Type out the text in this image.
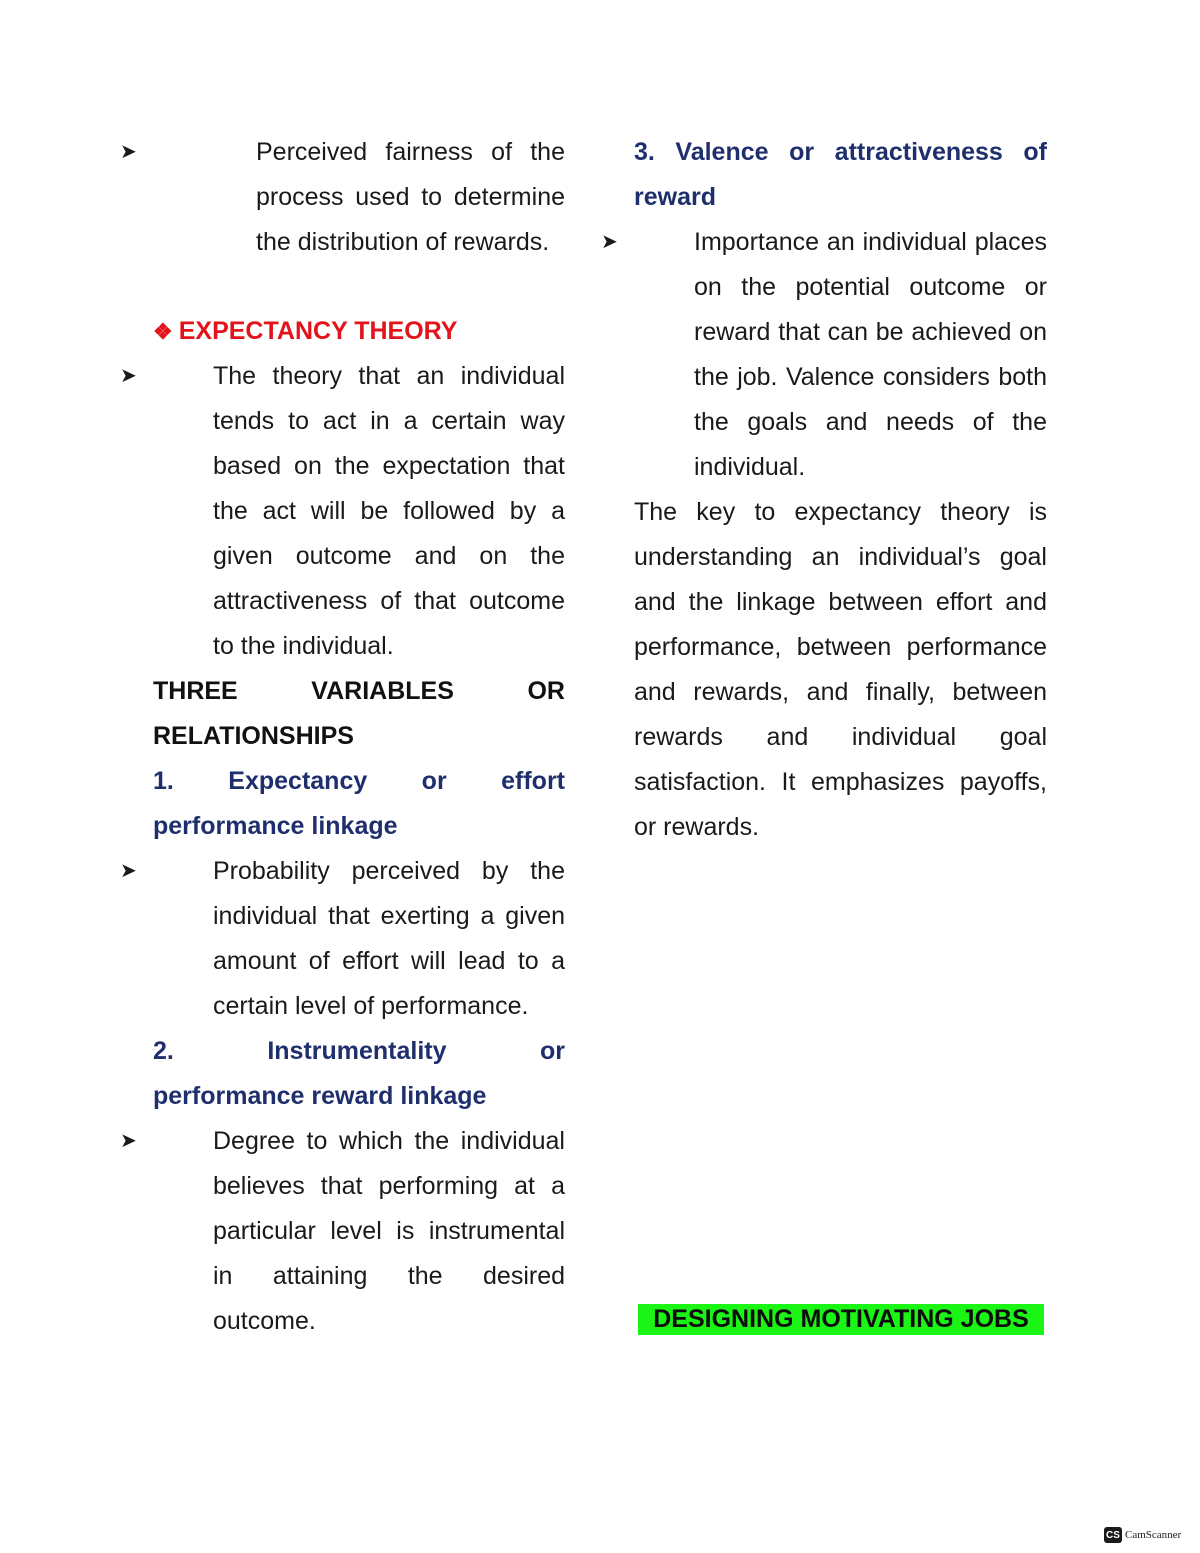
➤	Perceived fairness of the process used to determine the distribution of rewards.

❖ EXPECTANCY THEORY

➤	The theory that an individual tends to act in a certain way based on the expectation that the act will be followed by a given outcome and on the attractiveness of that outcome to the individual.

THREE VARIABLES OR

RELATIONSHIPS

1. Expectancy or effort

performance linkage

➤	Probability perceived by the individual that exerting a given amount of effort will lead to a certain level of performance.

2. Instrumentality or

performance reward linkage

➤	Degree to which the individual believes that performing at a particular level is instrumental in attaining the desired outcome.

3. Valence or attractiveness of

reward

➤	Importance an individual places on the potential outcome or reward that can be achieved on the job. Valence considers both the goals and needs of the individual.

The key to expectancy theory is understanding an individual’s goal and the linkage between effort and performance, between performance and rewards, and finally, between rewards and individual goal satisfaction. It emphasizes payoffs, or rewards.

DESIGNING MOTIVATING JOBS
CS CamScanner
